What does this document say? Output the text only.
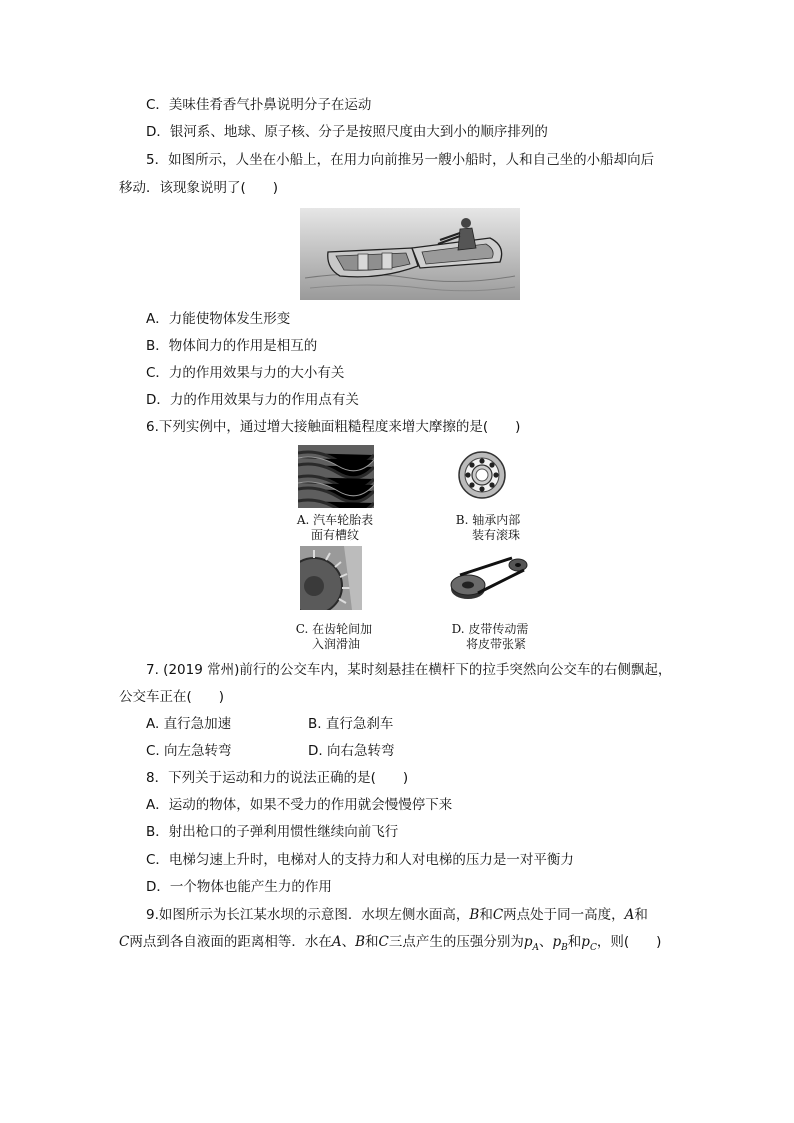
C．美味佳肴香气扑鼻说明分子在运动
D．银河系、地球、原子核、分子是按照尺度由大到小的顺序排列的
5．如图所示，人坐在小船上，在用力向前推另一艘小船时，人和自己坐的小船却向后
移动．该现象说明了(　　)
A．力能使物体发生形变
B．物体间力的作用是相互的
C．力的作用效果与力的大小有关
D．力的作用效果与力的作用点有关
6.下列实例中，通过增大接触面粗糙程度来增大摩擦的是(　　)
A. 汽车轮胎表
面有槽纹
B. 轴承内部
装有滚珠
C. 在齿轮间加
入润滑油
D. 皮带传动需
将皮带张紧
7. (2019 常州)前行的公交车内，某时刻悬挂在横杆下的拉手突然向公交车的右侧飘起，
公交车正在(　　)
A. 直行急加速	B. 直行急刹车
C. 向左急转弯	D. 向右急转弯
8．下列关于运动和力的说法正确的是(　　)
A．运动的物体，如果不受力的作用就会慢慢停下来
B．射出枪口的子弹利用惯性继续向前飞行
C．电梯匀速上升时，电梯对人的支持力和人对电梯的压力是一对平衡力
D．一个物体也能产生力的作用
9.如图所示为长江某水坝的示意图．水坝左侧水面高，B和C两点处于同一高度，A和
C两点到各自液面的距离相等．水在A、B和C三点产生的压强分别为$p_A$、$p_B$和$p_C$，则(　　)
